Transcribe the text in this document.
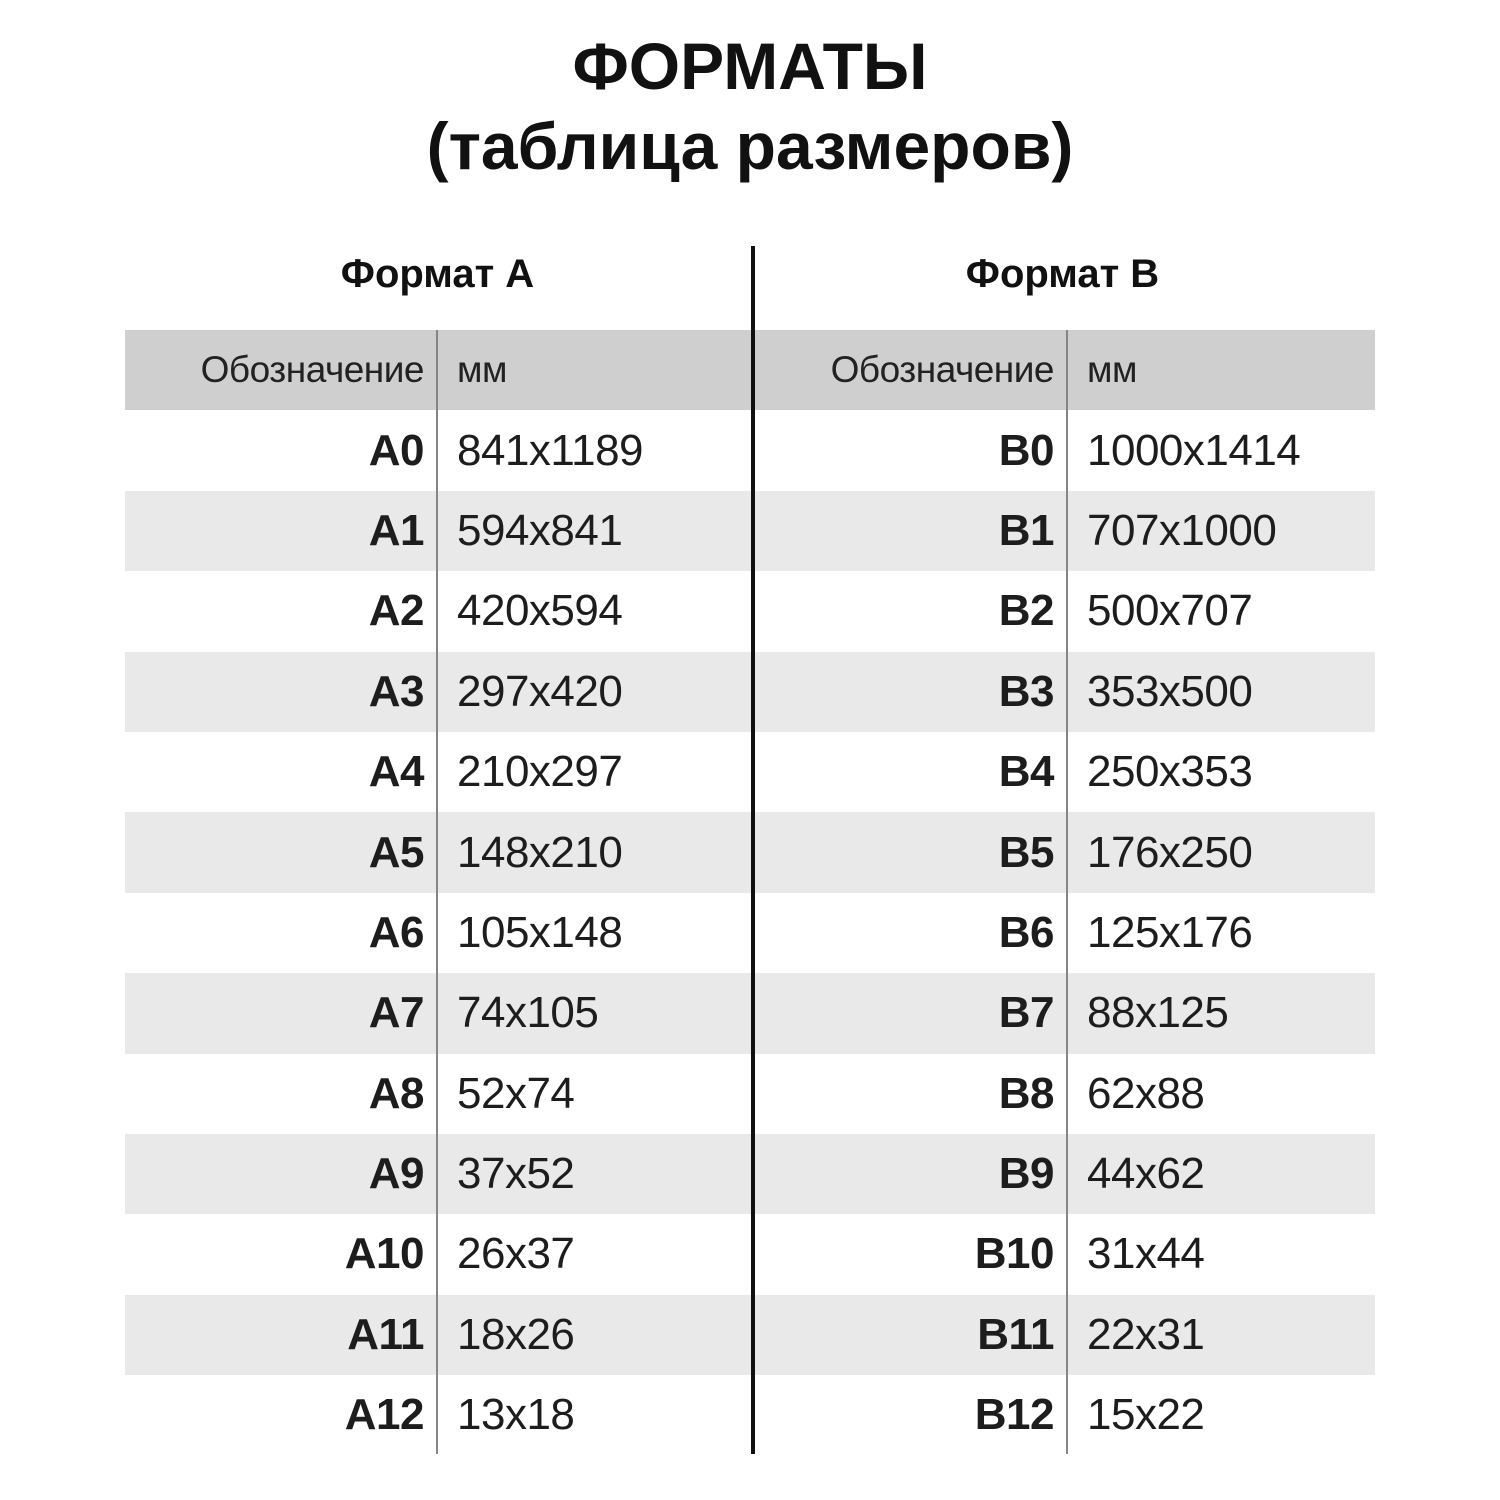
ФОРМАТЫ
(таблица размеров)
Формат А	Формат B
Обозначение мм	Обозначение мм
A0 841x1189	B0 1000x1414
A1 594x841	B1 707x1000
A2 420x594	B2 500x707
A3 297x420	B3 353x500
A4 210x297	B4 250x353
A5 148x210	B5 176x250
A6 105x148	B6 125x176
A7 74x105	B7 88x125
A8 52x74	B8 62x88
A9 37x52	B9 44x62
A10 26x37	B10 31x44
A11 18x26	B11 22x31
A12 13x18	B12 15x22
